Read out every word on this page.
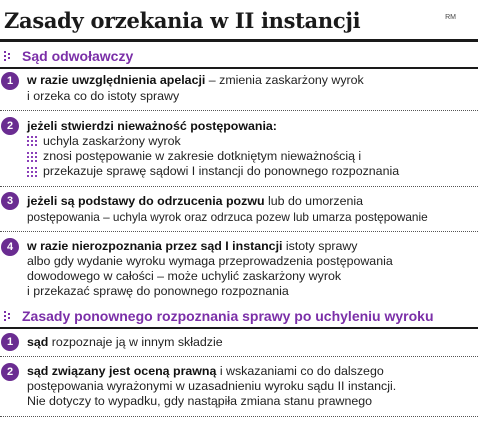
Zasady orzekania w II instancji	RM
Sąd odwoławczy
1	w razie uwzględnienia apelacji – zmienia zaskarżony wyrok
i orzeka co do istoty sprawy
2	jeżeli stwierdzi nieważność postępowania:
uchyla zaskarżony wyrok
znosi postępowanie w zakresie dotkniętym nieważnością i
przekazuje sprawę sądowi I instancji do ponownego rozpoznania
3	jeżeli są podstawy do odrzucenia pozwu lub do umorzenia
postępowania – uchyla wyrok oraz odrzuca pozew lub umarza postępowanie
4	w razie nierozpoznania przez sąd I instancji istoty sprawy
albo gdy wydanie wyroku wymaga przeprowadzenia postępowania
dowodowego w całości – może uchylić zaskarżony wyrok
i przekazać sprawę do ponownego rozpoznania
Zasady ponownego rozpoznania sprawy po uchyleniu wyroku
1	sąd rozpoznaje ją w innym składzie
2	sąd związany jest oceną prawną i wskazaniami co do dalszego
postępowania wyrażonymi w uzasadnieniu wyroku sądu II instancji.
Nie dotyczy to wypadku, gdy nastąpiła zmiana stanu prawnego
